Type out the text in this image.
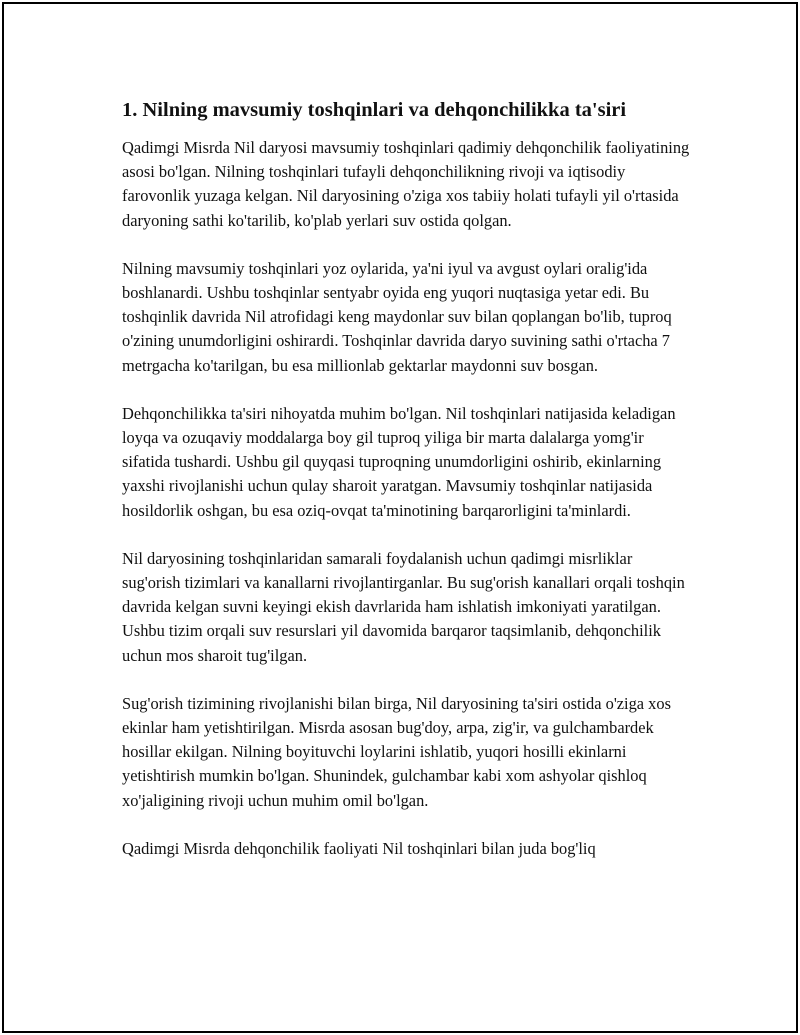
1. Nilning mavsumiy toshqinlari va dehqonchilikka ta'siri

Qadimgi Misrda Nil daryosi mavsumiy toshqinlari qadimiy dehqonchilik faoliyatining asosi bo'lgan. Nilning toshqinlari tufayli dehqonchilikning rivoji va iqtisodiy farovonlik yuzaga kelgan. Nil daryosining o'ziga xos tabiiy holati tufayli yil o'rtasida daryoning sathi ko'tarilib, ko'plab yerlari suv ostida qolgan.

Nilning mavsumiy toshqinlari yoz oylarida, ya'ni iyul va avgust oylari oralig'ida boshlanardi. Ushbu toshqinlar sentyabr oyida eng yuqori nuqtasiga yetar edi. Bu toshqinlik davrida Nil atrofidagi keng maydonlar suv bilan qoplangan bo'lib, tuproq o'zining unumdorligini oshirardi. Toshqinlar davrida daryo suvining sathi o'rtacha 7 metrgacha ko'tarilgan, bu esa millionlab gektarlar maydonni suv bosgan.

Dehqonchilikka ta'siri nihoyatda muhim bo'lgan. Nil toshqinlari natijasida keladigan loyqa va ozuqaviy moddalarga boy gil tuproq yiliga bir marta dalalarga yomg'ir sifatida tushardi. Ushbu gil quyqasi tuproqning unumdorligini oshirib, ekinlarning yaxshi rivojlanishi uchun qulay sharoit yaratgan. Mavsumiy toshqinlar natijasida hosildorlik oshgan, bu esa oziq-ovqat ta'minotining barqarorligini ta'minlardi.

Nil daryosining toshqinlaridan samarali foydalanish uchun qadimgi misrliklar sug'orish tizimlari va kanallarni rivojlantirganlar. Bu sug'orish kanallari orqali toshqin davrida kelgan suvni keyingi ekish davrlarida ham ishlatish imkoniyati yaratilgan. Ushbu tizim orqali suv resurslari yil davomida barqaror taqsimlanib, dehqonchilik uchun mos sharoit tug'ilgan.

Sug'orish tizimining rivojlanishi bilan birga, Nil daryosining ta'siri ostida o'ziga xos ekinlar ham yetishtirilgan. Misrda asosan bug'doy, arpa, zig'ir, va gulchambardek hosillar ekilgan. Nilning boyituvchi loylarini ishlatib, yuqori hosilli ekinlarni yetishtirish mumkin bo'lgan. Shunindek, gulchambar kabi xom ashyolar qishloq xo'jaligining rivoji uchun muhim omil bo'lgan.

Qadimgi Misrda dehqonchilik faoliyati Nil toshqinlari bilan juda bog'liq
